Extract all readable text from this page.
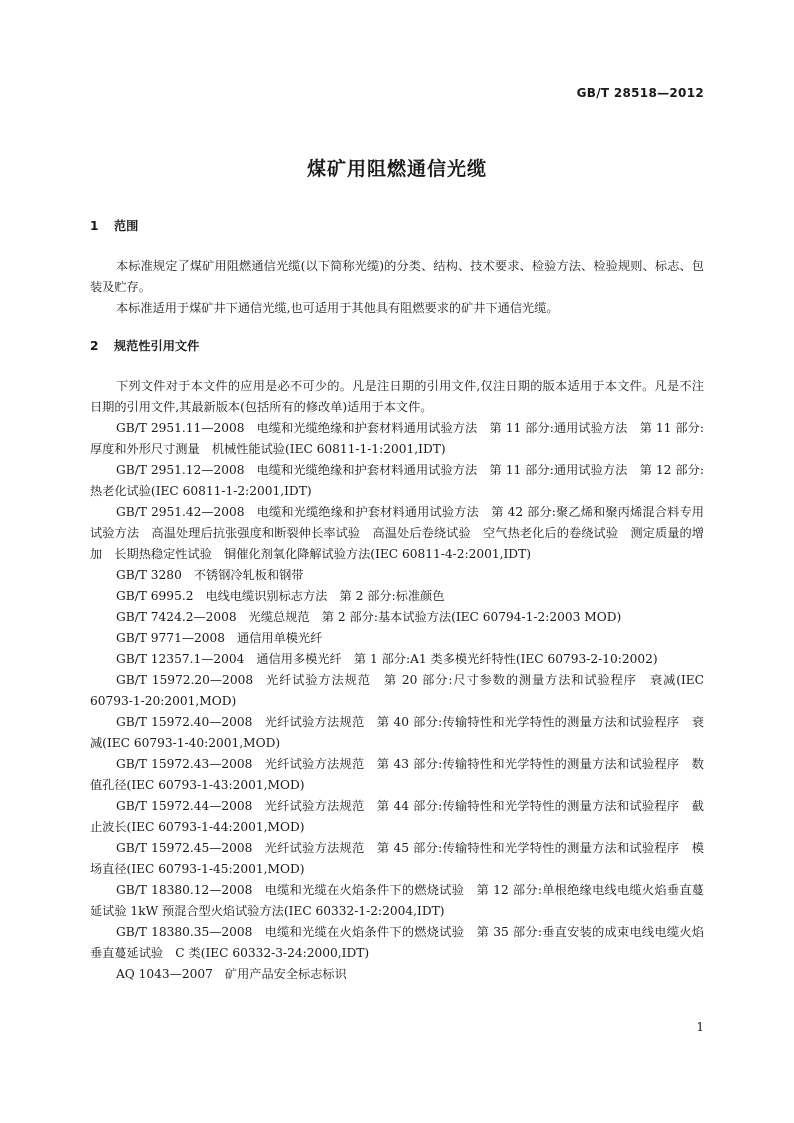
GB/T 28518—2012
煤矿用阻燃通信光缆
1 范围

本标准规定了煤矿用阻燃通信光缆(以下简称光缆)的分类、结构、技术要求、检验方法、检验规则、标志、包装及贮存。

本标准适用于煤矿井下通信光缆,也可适用于其他具有阻燃要求的矿井下通信光缆。

2 规范性引用文件

下列文件对于本文件的应用是必不可少的。凡是注日期的引用文件,仅注日期的版本适用于本文件。凡是不注日期的引用文件,其最新版本(包括所有的修改单)适用于本文件。

GB/T 2951.11—2008 电缆和光缆绝缘和护套材料通用试验方法　第 11 部分:通用试验方法　第 11 部分:厚度和外形尺寸测量　机械性能试验(IEC 60811-1-1:2001,IDT)

GB/T 2951.12—2008 电缆和光缆绝缘和护套材料通用试验方法　第 11 部分:通用试验方法　第 12 部分:热老化试验(IEC 60811-1-2:2001,IDT)

GB/T 2951.42—2008 电缆和光缆绝缘和护套材料通用试验方法　第 42 部分:聚乙烯和聚丙烯混合料专用试验方法　高温处理后抗张强度和断裂伸长率试验　高温处后卷绕试验　空气热老化后的卷绕试验　测定质量的增加　长期热稳定性试验　铜催化剂氧化降解试验方法(IEC 60811-4-2:2001,IDT)

GB/T 3280 不锈钢冷轧板和钢带

GB/T 6995.2 电线电缆识别标志方法　第 2 部分:标准颜色

GB/T 7424.2—2008 光缆总规范　第 2 部分:基本试验方法(IEC 60794-1-2:2003 MOD)

GB/T 9771—2008 通信用单模光纤

GB/T 12357.1—2004 通信用多模光纤　第 1 部分:A1 类多模光纤特性(IEC 60793-2-10:2002)

GB/T 15972.20—2008 光纤试验方法规范　第 20 部分:尺寸参数的测量方法和试验程序　衰减(IEC 60793-1-20:2001,MOD)

GB/T 15972.40—2008 光纤试验方法规范　第 40 部分:传输特性和光学特性的测量方法和试验程序　衰减(IEC 60793-1-40:2001,MOD)

GB/T 15972.43—2008 光纤试验方法规范　第 43 部分:传输特性和光学特性的测量方法和试验程序　数值孔径(IEC 60793-1-43:2001,MOD)

GB/T 15972.44—2008 光纤试验方法规范　第 44 部分:传输特性和光学特性的测量方法和试验程序　截止波长(IEC 60793-1-44:2001,MOD)

GB/T 15972.45—2008 光纤试验方法规范　第 45 部分:传输特性和光学特性的测量方法和试验程序　模场直径(IEC 60793-1-45:2001,MOD)

GB/T 18380.12—2008 电缆和光缆在火焰条件下的燃烧试验　第 12 部分:单根绝缘电线电缆火焰垂直蔓延试验 1kW 预混合型火焰试验方法(IEC 60332-1-2:2004,IDT)

GB/T 18380.35—2008 电缆和光缆在火焰条件下的燃烧试验　第 35 部分:垂直安装的成束电线电缆火焰垂直蔓延试验　C 类(IEC 60332-3-24:2000,IDT)

AQ 1043—2007 矿用产品安全标志标识

1
